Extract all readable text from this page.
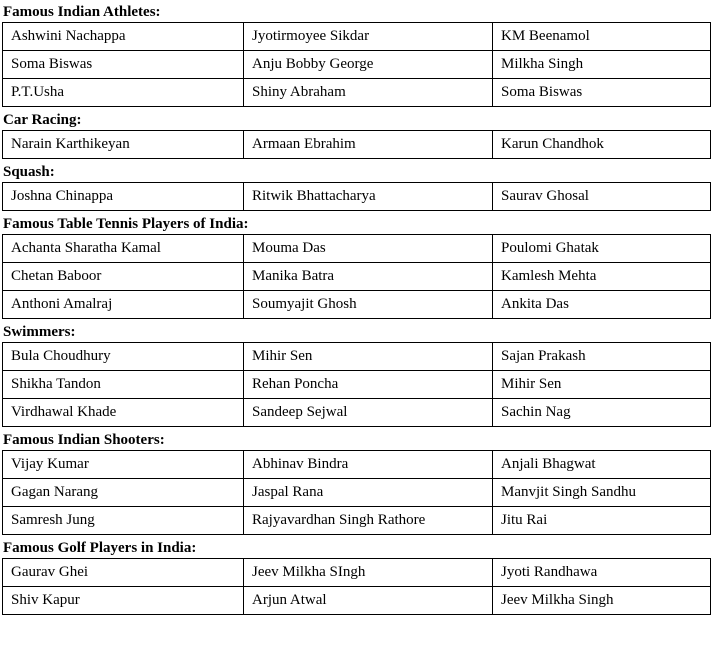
Famous Indian Athletes:
Ashwini Nachappa	Jyotirmoyee Sikdar	KM Beenamol
Soma Biswas	Anju Bobby George	Milkha Singh
P.T.Usha	Shiny Abraham	Soma Biswas
Car Racing:
Narain Karthikeyan	Armaan Ebrahim	Karun Chandhok
Squash:
Joshna Chinappa	Ritwik Bhattacharya	Saurav Ghosal
Famous Table Tennis Players of India:
Achanta Sharatha Kamal	Mouma Das	Poulomi Ghatak
Chetan Baboor	Manika Batra	Kamlesh Mehta
Anthoni Amalraj	Soumyajit Ghosh	Ankita Das
Swimmers:
Bula Choudhury	Mihir Sen	Sajan Prakash
Shikha Tandon	Rehan Poncha	Mihir Sen
Virdhawal Khade	Sandeep Sejwal	Sachin Nag
Famous Indian Shooters:
Vijay Kumar	Abhinav Bindra	Anjali Bhagwat
Gagan Narang	Jaspal Rana	Manvjit Singh Sandhu
Samresh Jung	Rajyavardhan Singh Rathore	Jitu Rai
Famous Golf Players in India:
Gaurav Ghei	Jeev Milkha SIngh	Jyoti Randhawa
Shiv Kapur	Arjun Atwal	Jeev Milkha Singh
